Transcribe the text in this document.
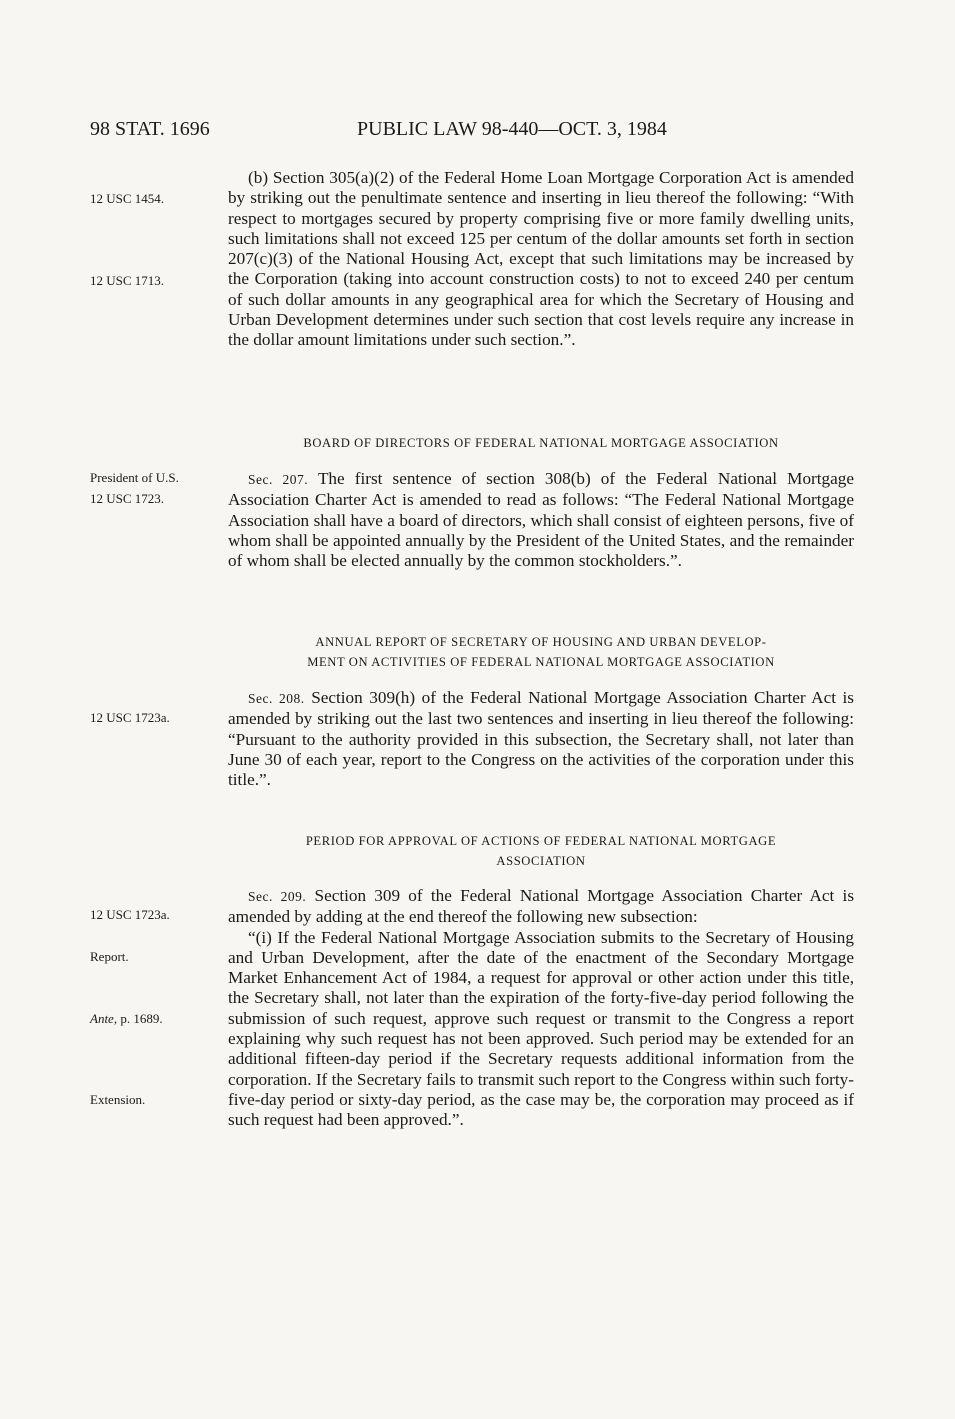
98 STAT. 1696	PUBLIC LAW 98-440—OCT. 3, 1984
12 USC 1454.
12 USC 1713.
President of U.S.
12 USC 1723.
12 USC 1723a.
12 USC 1723a.
Report.
Ante, p. 1689.
Extension.

(b) Section 305(a)(2) of the Federal Home Loan Mortgage Corporation Act is amended by striking out the penultimate sentence and inserting in lieu thereof the following: “With respect to mortgages secured by property comprising five or more family dwelling units, such limitations shall not exceed 125 per centum of the dollar amounts set forth in section 207(c)(3) of the National Housing Act, except that such limitations may be increased by the Corporation (taking into account construction costs) to not to exceed 240 per centum of such dollar amounts in any geographical area for which the Secretary of Housing and Urban Development determines under such section that cost levels require any increase in the dollar amount limitations under such section.”.

BOARD OF DIRECTORS OF FEDERAL NATIONAL MORTGAGE ASSOCIATION

Sec. 207. The first sentence of section 308(b) of the Federal National Mortgage Association Charter Act is amended to read as follows: “The Federal National Mortgage Association shall have a board of directors, which shall consist of eighteen persons, five of whom shall be appointed annually by the President of the United States, and the remainder of whom shall be elected annually by the common stockholders.”.

ANNUAL REPORT OF SECRETARY OF HOUSING AND URBAN DEVELOP-
MENT ON ACTIVITIES OF FEDERAL NATIONAL MORTGAGE ASSOCIATION

Sec. 208. Section 309(h) of the Federal National Mortgage Association Charter Act is amended by striking out the last two sentences and inserting in lieu thereof the following: “Pursuant to the authority provided in this subsection, the Secretary shall, not later than June 30 of each year, report to the Congress on the activities of the corporation under this title.”.

PERIOD FOR APPROVAL OF ACTIONS OF FEDERAL NATIONAL MORTGAGE
ASSOCIATION

Sec. 209. Section 309 of the Federal National Mortgage Association Charter Act is amended by adding at the end thereof the following new subsection:

“(i) If the Federal National Mortgage Association submits to the Secretary of Housing and Urban Development, after the date of the enactment of the Secondary Mortgage Market Enhancement Act of 1984, a request for approval or other action under this title, the Secretary shall, not later than the expiration of the forty-five-day period following the submission of such request, approve such request or transmit to the Congress a report explaining why such request has not been approved. Such period may be extended for an additional fifteen-day period if the Secretary requests additional information from the corporation. If the Secretary fails to transmit such report to the Congress within such forty-five-day period or sixty-day period, as the case may be, the corporation may proceed as if such request had been approved.”.
